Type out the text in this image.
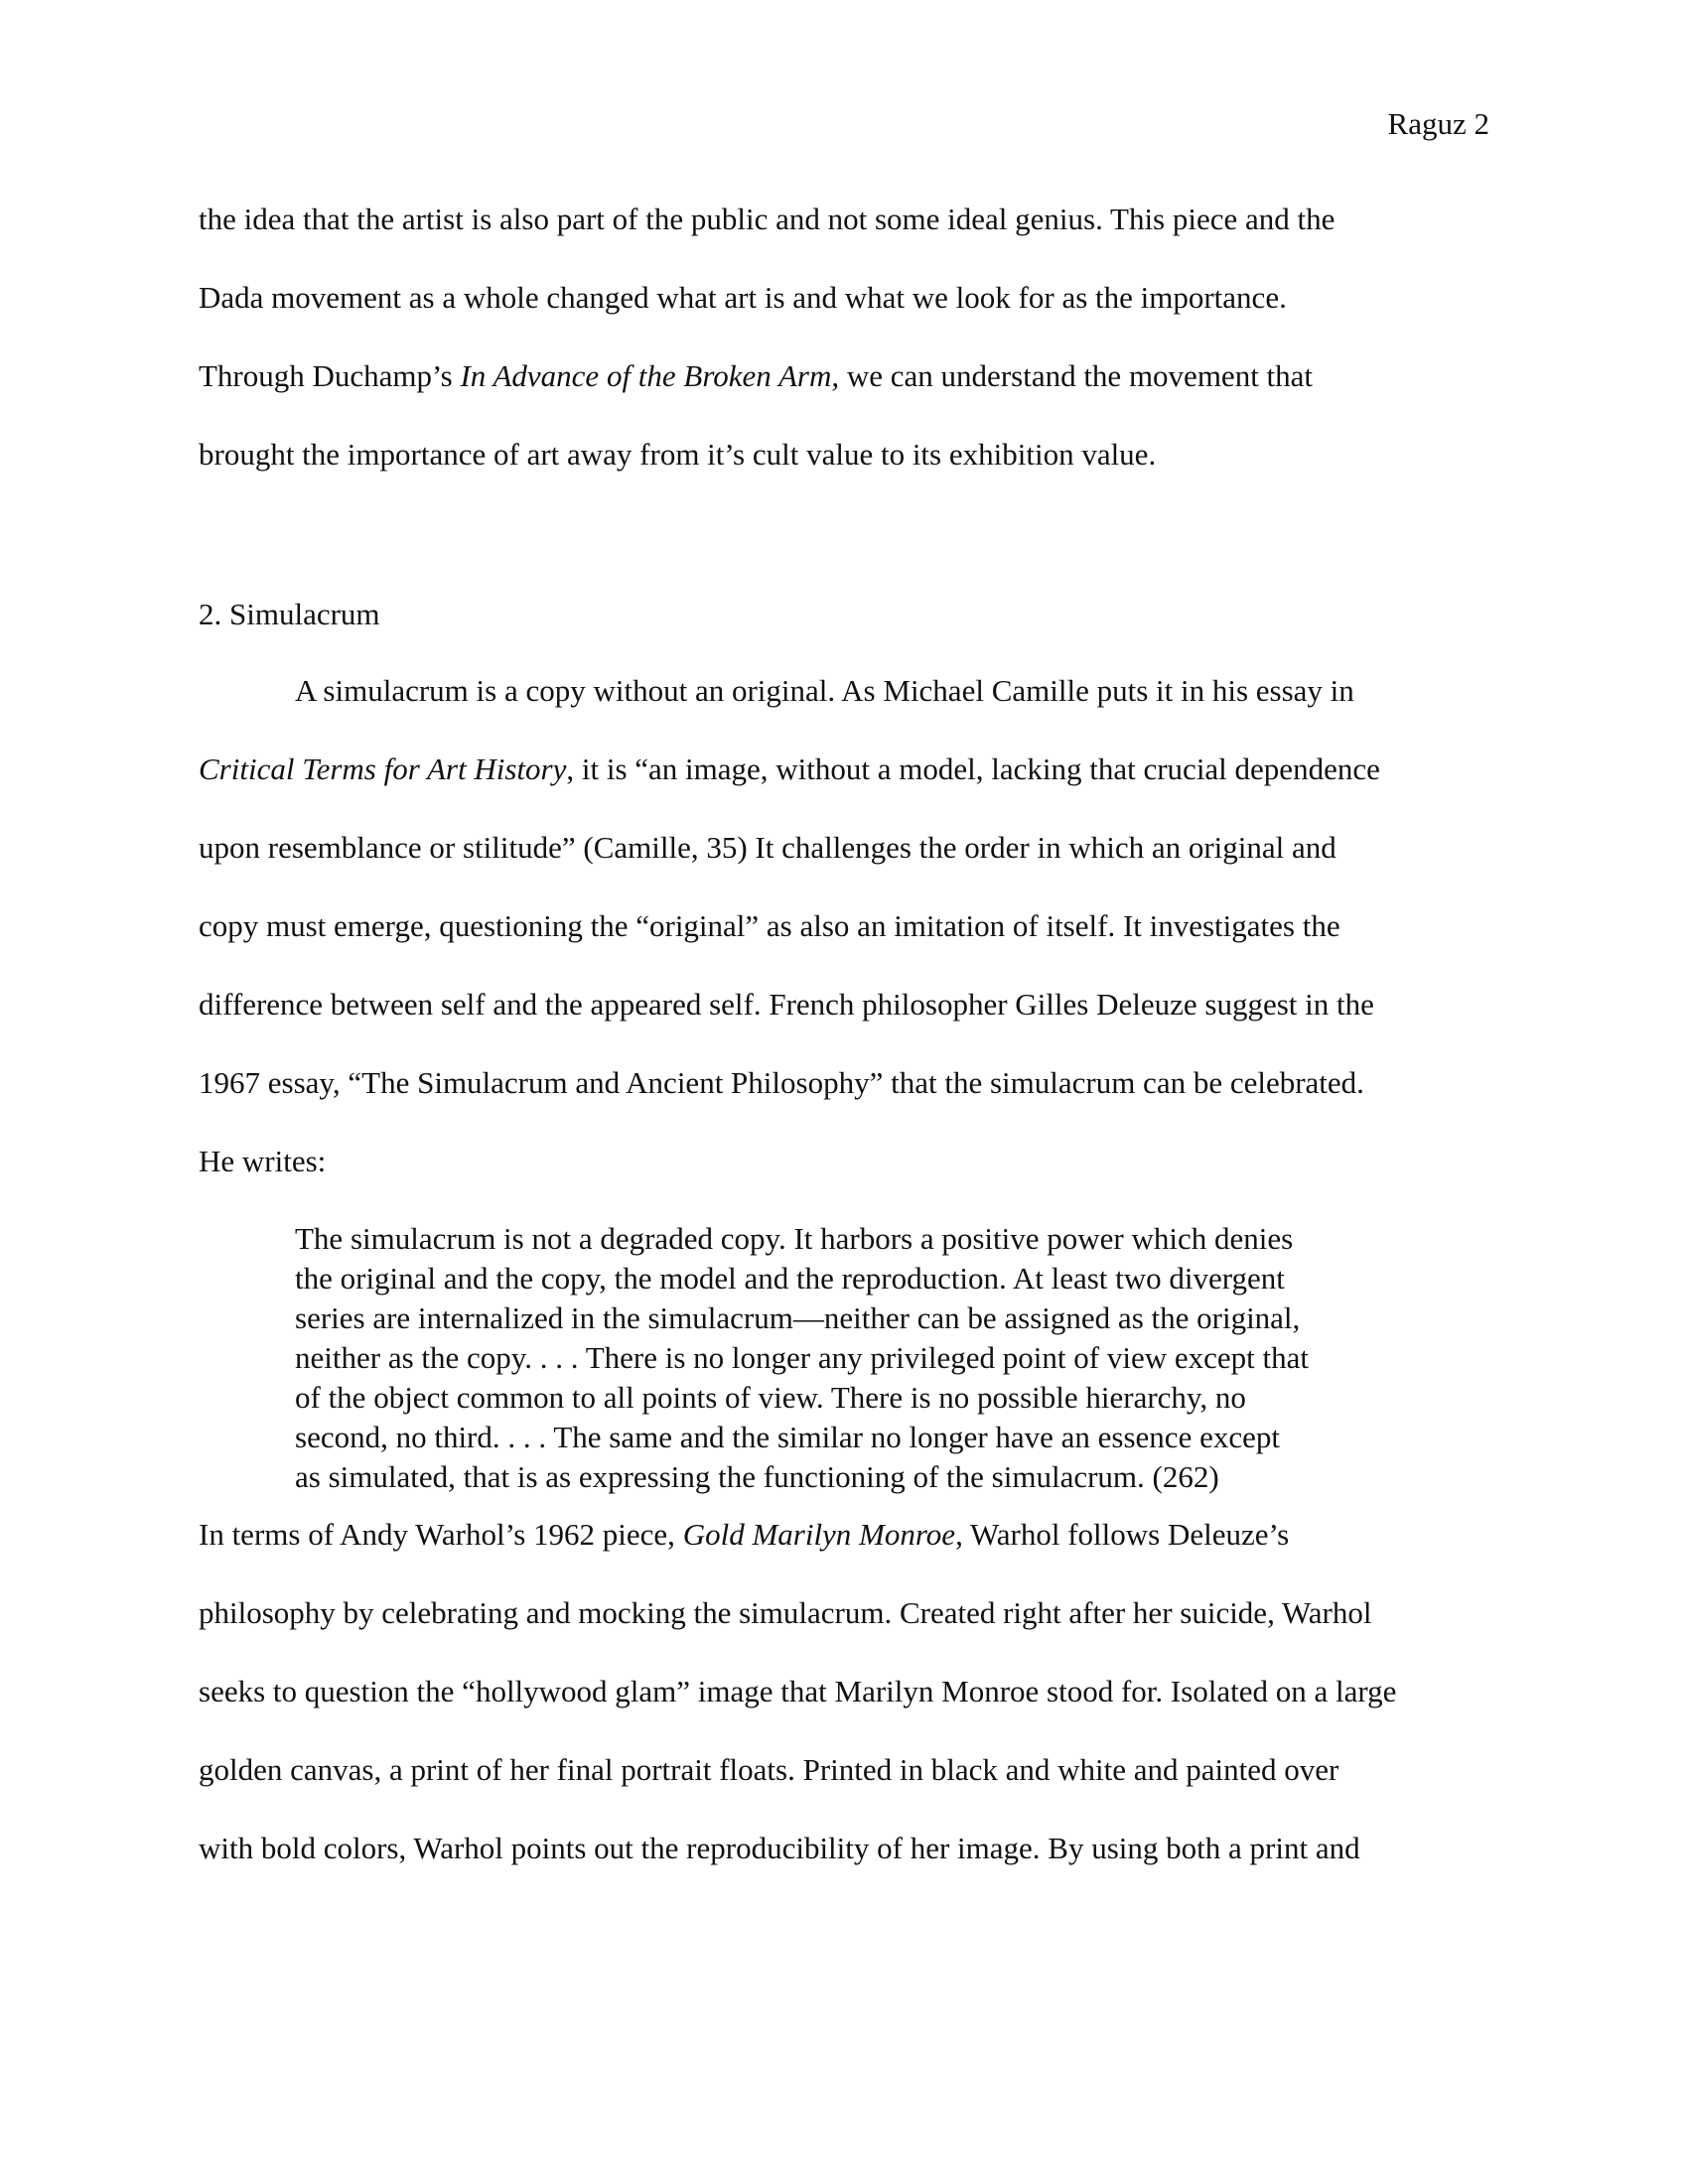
Raguz 2
the idea that the artist is also part of the public and not some ideal genius. This piece and the
Dada movement as a whole changed what art is and what we look for as the importance.
Through Duchamp’s In Advance of the Broken Arm, we can understand the movement that
brought the importance of art away from it’s cult value to its exhibition value.
2. Simulacrum
A simulacrum is a copy without an original. As Michael Camille puts it in his essay in
Critical Terms for Art History, it is “an image, without a model, lacking that crucial dependence
upon resemblance or stilitude” (Camille, 35) It challenges the order in which an original and
copy must emerge, questioning the “original” as also an imitation of itself. It investigates the
difference between self and the appeared self. French philosopher Gilles Deleuze suggest in the
1967 essay, “The Simulacrum and Ancient Philosophy” that the simulacrum can be celebrated.
He writes:
The simulacrum is not a degraded copy. It harbors a positive power which denies
the original and the copy, the model and the reproduction. At least two divergent
series are internalized in the simulacrum—neither can be assigned as the original,
neither as the copy. . . . There is no longer any privileged point of view except that
of the object common to all points of view. There is no possible hierarchy, no
second, no third. . . . The same and the similar no longer have an essence except
as simulated, that is as expressing the functioning of the simulacrum. (262)
In terms of Andy Warhol’s 1962 piece, Gold Marilyn Monroe, Warhol follows Deleuze’s
philosophy by celebrating and mocking the simulacrum. Created right after her suicide, Warhol
seeks to question the “hollywood glam” image that Marilyn Monroe stood for. Isolated on a large
golden canvas, a print of her final portrait floats. Printed in black and white and painted over
with bold colors, Warhol points out the reproducibility of her image. By using both a print and
